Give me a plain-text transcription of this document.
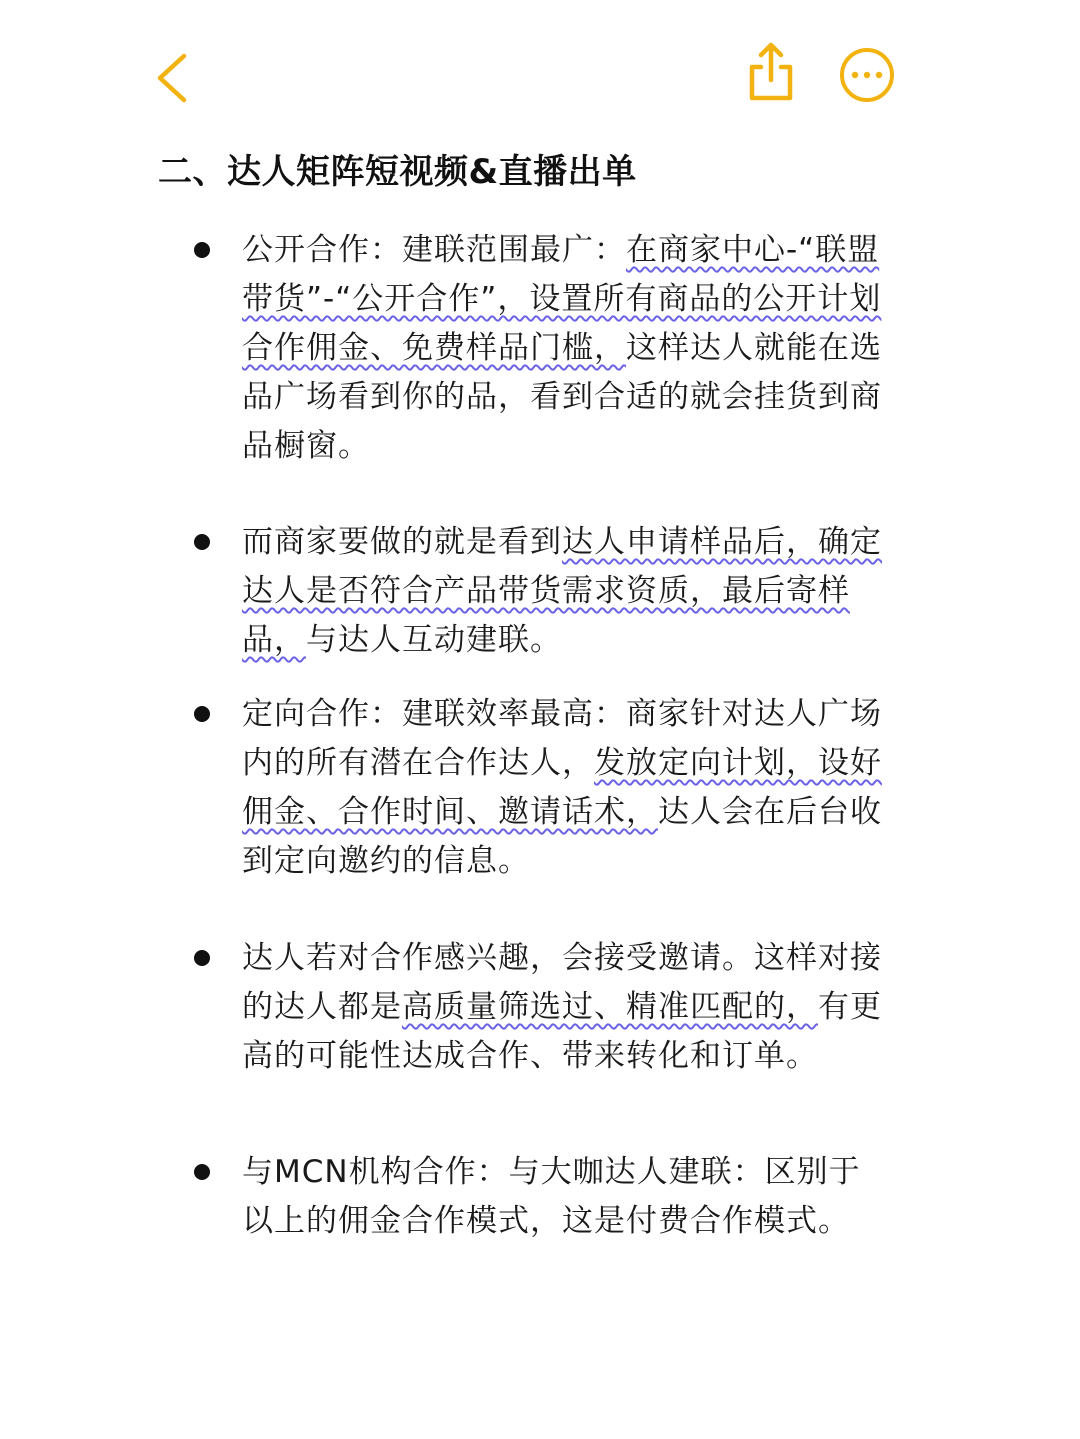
二、达人矩阵短视频&直播出单
公开合作：建联范围最广：在商家中心-“联盟带货”-“公开合作”，设置所有商品的公开计划合作佣金、免费样品门槛，这样达人就能在选品广场看到你的品，看到合适的就会挂货到商品橱窗。
而商家要做的就是看到达人申请样品后，确定达人是否符合产品带货需求资质，最后寄样品，与达人互动建联。
定向合作：建联效率最高：商家针对达人广场内的所有潜在合作达人，发放定向计划，设好佣金、合作时间、邀请话术，达人会在后台收到定向邀约的信息。
达人若对合作感兴趣，会接受邀请。这样对接的达人都是高质量筛选过、精准匹配的，有更高的可能性达成合作、带来转化和订单。
与MCN机构合作：与大咖达人建联：区别于以上的佣金合作模式，这是付费合作模式。
